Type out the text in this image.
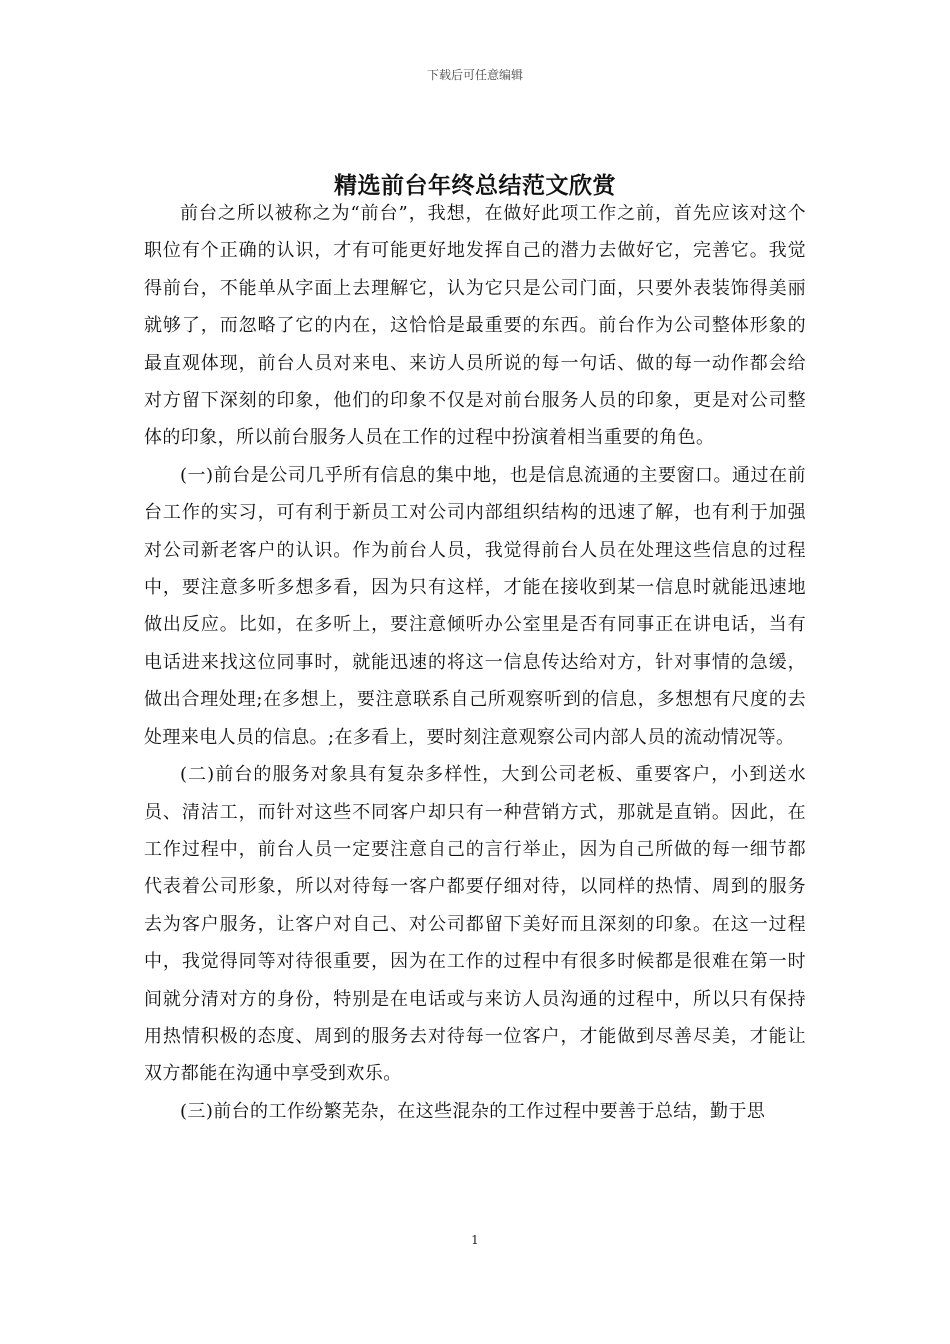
下载后可任意编辑
精选前台年终总结范文欣赏

前台之所以被称之为“前台”，我想，在做好此项工作之前，首先应该对这个职位有个正确的认识，才有可能更好地发挥自己的潜力去做好它，完善它。我觉得前台，不能单从字面上去理解它，认为它只是公司门面，只要外表装饰得美丽就够了，而忽略了它的内在，这恰恰是最重要的东西。前台作为公司整体形象的最直观体现，前台人员对来电、来访人员所说的每一句话、做的每一动作都会给对方留下深刻的印象，他们的印象不仅是对前台服务人员的印象，更是对公司整体的印象，所以前台服务人员在工作的过程中扮演着相当重要的角色。

(一)前台是公司几乎所有信息的集中地，也是信息流通的主要窗口。通过在前台工作的实习，可有利于新员工对公司内部组织结构的迅速了解，也有利于加强对公司新老客户的认识。作为前台人员，我觉得前台人员在处理这些信息的过程中，要注意多听多想多看，因为只有这样，才能在接收到某一信息时就能迅速地做出反应。比如，在多听上，要注意倾听办公室里是否有同事正在讲电话，当有电话进来找这位同事时，就能迅速的将这一信息传达给对方，针对事情的急缓，做出合理处理;在多想上，要注意联系自己所观察听到的信息，多想想有尺度的去处理来电人员的信息。;在多看上，要时刻注意观察公司内部人员的流动情况等。

(二)前台的服务对象具有复杂多样性，大到公司老板、重要客户，小到送水员、清洁工，而针对这些不同客户却只有一种营销方式，那就是直销。因此，在工作过程中，前台人员一定要注意自己的言行举止，因为自己所做的每一细节都代表着公司形象，所以对待每一客户都要仔细对待，以同样的热情、周到的服务去为客户服务，让客户对自己、对公司都留下美好而且深刻的印象。在这一过程中，我觉得同等对待很重要，因为在工作的过程中有很多时候都是很难在第一时间就分清对方的身份，特别是在电话或与来访人员沟通的过程中，所以只有保持用热情积极的态度、周到的服务去对待每一位客户，才能做到尽善尽美，才能让双方都能在沟通中享受到欢乐。

(三)前台的工作纷繁芜杂，在这些混杂的工作过程中要善于总结，勤于思

1
